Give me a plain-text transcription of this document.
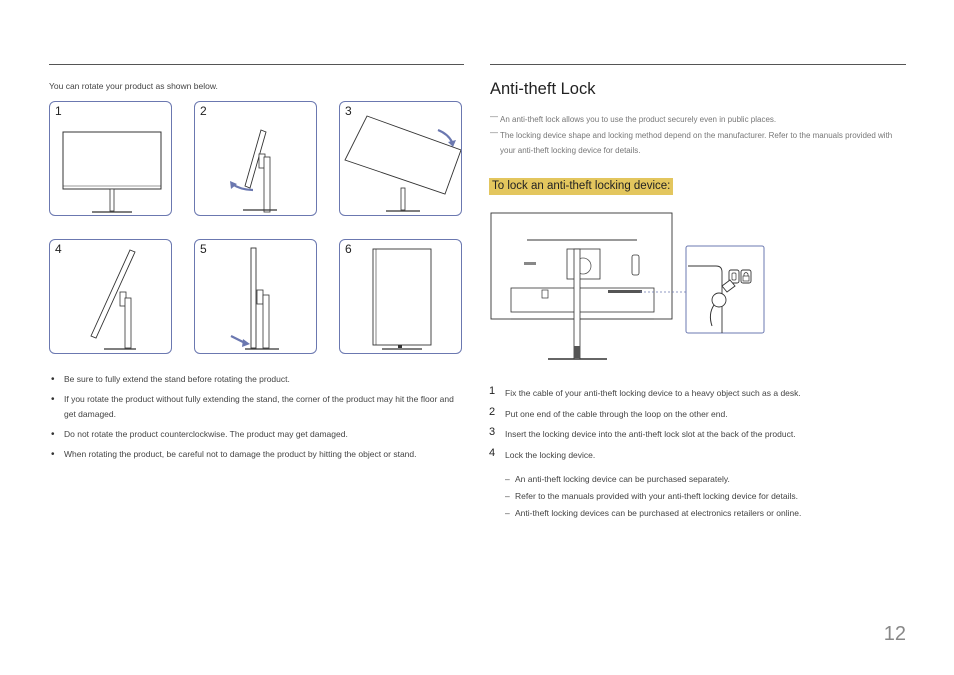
You can rotate your product as shown below.
1	2	3
4	5	6
• Be sure to fully extend the stand before rotating the product.
• If you rotate the product without fully extending the stand, the corner of the product may hit the floor and get damaged.
• Do not rotate the product counterclockwise. The product may get damaged.
• When rotating the product, be careful not to damage the product by hitting the object or stand.
Anti-theft Lock
― An anti-theft lock allows you to use the product securely even in public places.
― The locking device shape and locking method depend on the manufacturer. Refer to the manuals provided with your anti-theft locking device for details.
To lock an anti-theft locking device:
1 Fix the cable of your anti-theft locking device to a heavy object such as a desk.
2 Put one end of the cable through the loop on the other end.
3 Insert the locking device into the anti-theft lock slot at the back of the product.
4 Lock the locking device.
– An anti-theft locking device can be purchased separately.
– Refer to the manuals provided with your anti-theft locking device for details.
– Anti-theft locking devices can be purchased at electronics retailers or online.
12
